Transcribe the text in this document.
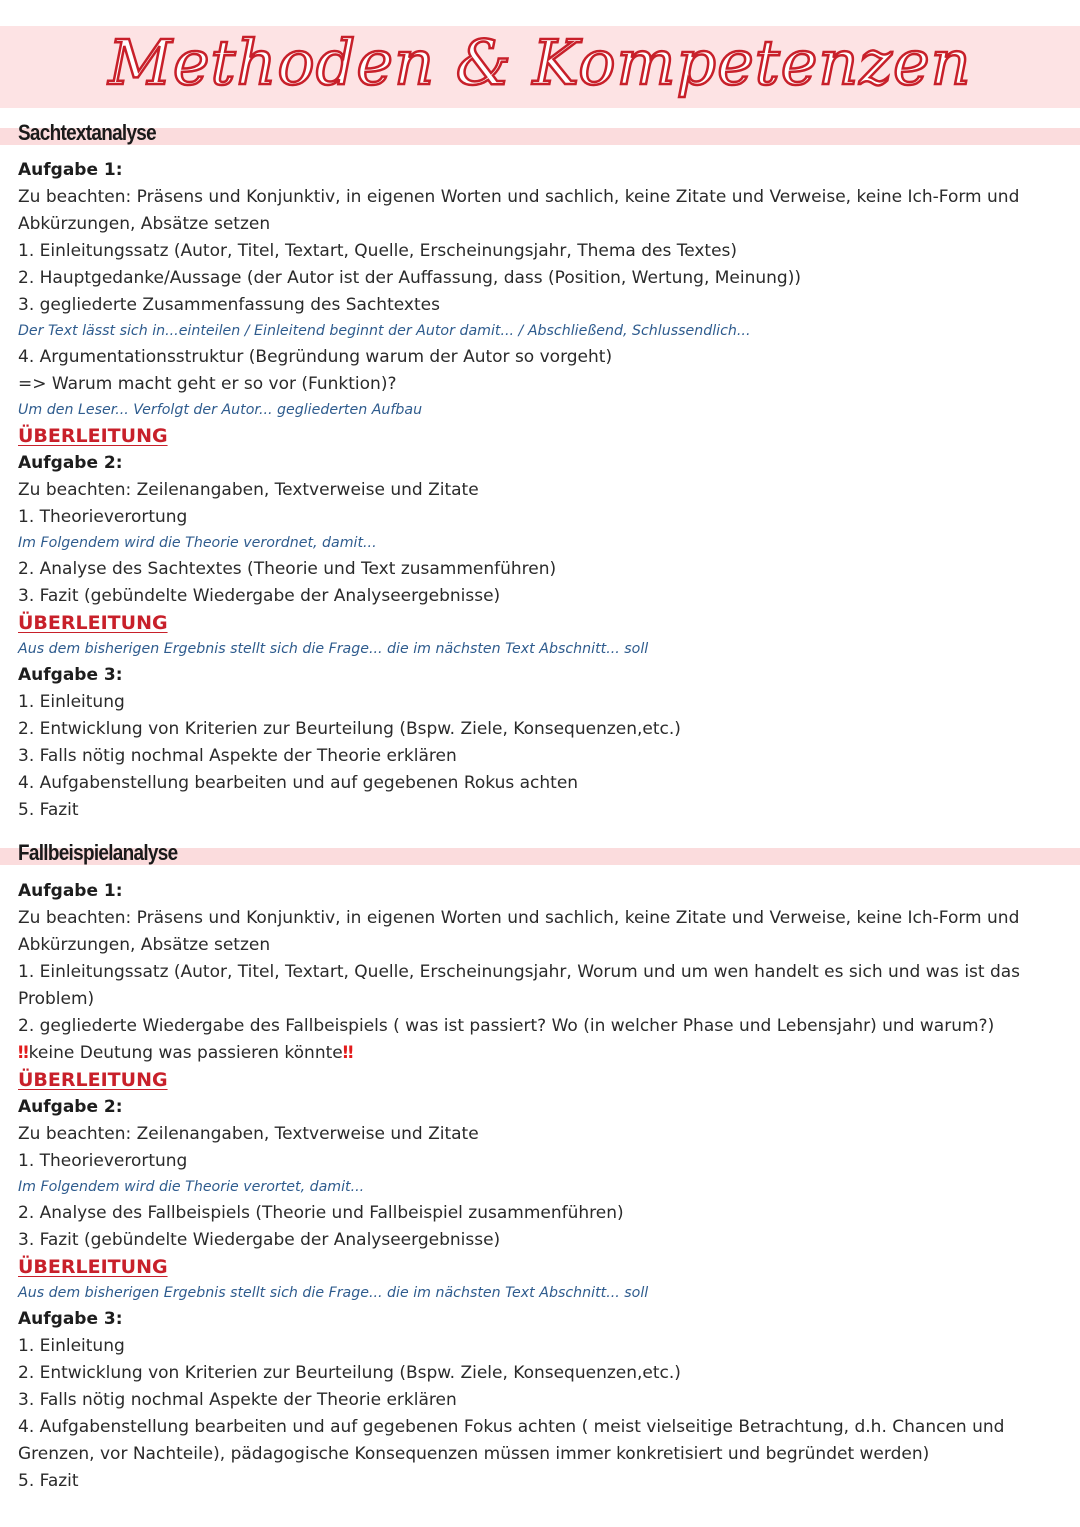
Methoden & Kompetenzen
Sachtextanalyse
Aufgabe 1:
Zu beachten: Präsens und Konjunktiv, in eigenen Worten und sachlich, keine Zitate und Verweise, keine Ich-Form und Abkürzungen, Absätze setzen
1. Einleitungssatz (Autor, Titel, Textart, Quelle, Erscheinungsjahr, Thema des Textes)
2. Hauptgedanke/Aussage (der Autor ist der Auffassung, dass (Position, Wertung, Meinung))
3. gegliederte Zusammenfassung des Sachtextes
Der Text lässt sich in...einteilen / Einleitend beginnt der Autor damit... / Abschließend, Schlussendlich...
4. Argumentationsstruktur (Begründung warum der Autor so vorgeht)
=> Warum macht geht er so vor (Funktion)?
Um den Leser... Verfolgt der Autor... gegliederten Aufbau
ÜBERLEITUNG
Aufgabe 2:
Zu beachten: Zeilenangaben, Textverweise und Zitate
1. Theorieverortung
Im Folgendem wird die Theorie verordnet, damit...
2. Analyse des Sachtextes (Theorie und Text zusammenführen)
3. Fazit (gebündelte Wiedergabe der Analyseergebnisse)
ÜBERLEITUNG
Aus dem bisherigen Ergebnis stellt sich die Frage... die im nächsten Text Abschnitt... soll
Aufgabe 3:
1. Einleitung
2. Entwicklung von Kriterien zur Beurteilung (Bspw. Ziele, Konsequenzen,etc.)
3. Falls nötig nochmal Aspekte der Theorie erklären
4. Aufgabenstellung bearbeiten und auf gegebenen Rokus achten
5. Fazit
Fallbeispielanalyse
Aufgabe 1:
Zu beachten: Präsens und Konjunktiv, in eigenen Worten und sachlich, keine Zitate und Verweise, keine Ich-Form und Abkürzungen, Absätze setzen
1. Einleitungssatz (Autor, Titel, Textart, Quelle, Erscheinungsjahr, Worum und um wen handelt es sich und was ist das Problem)
2. gegliederte Wiedergabe des Fallbeispiels ( was ist passiert? Wo (in welcher Phase und Lebensjahr) und warum?)
‼keine Deutung was passieren könnte‼
ÜBERLEITUNG
Aufgabe 2:
Zu beachten: Zeilenangaben, Textverweise und Zitate
1. Theorieverortung
Im Folgendem wird die Theorie verortet, damit...
2. Analyse des Fallbeispiels (Theorie und Fallbeispiel zusammenführen)
3. Fazit (gebündelte Wiedergabe der Analyseergebnisse)
ÜBERLEITUNG
Aus dem bisherigen Ergebnis stellt sich die Frage... die im nächsten Text Abschnitt... soll
Aufgabe 3:
1. Einleitung
2. Entwicklung von Kriterien zur Beurteilung (Bspw. Ziele, Konsequenzen,etc.)
3. Falls nötig nochmal Aspekte der Theorie erklären
4. Aufgabenstellung bearbeiten und auf gegebenen Fokus achten ( meist vielseitige Betrachtung, d.h. Chancen und Grenzen, vor Nachteile), pädagogische Konsequenzen müssen immer konkretisiert und begründet werden)
5. Fazit
